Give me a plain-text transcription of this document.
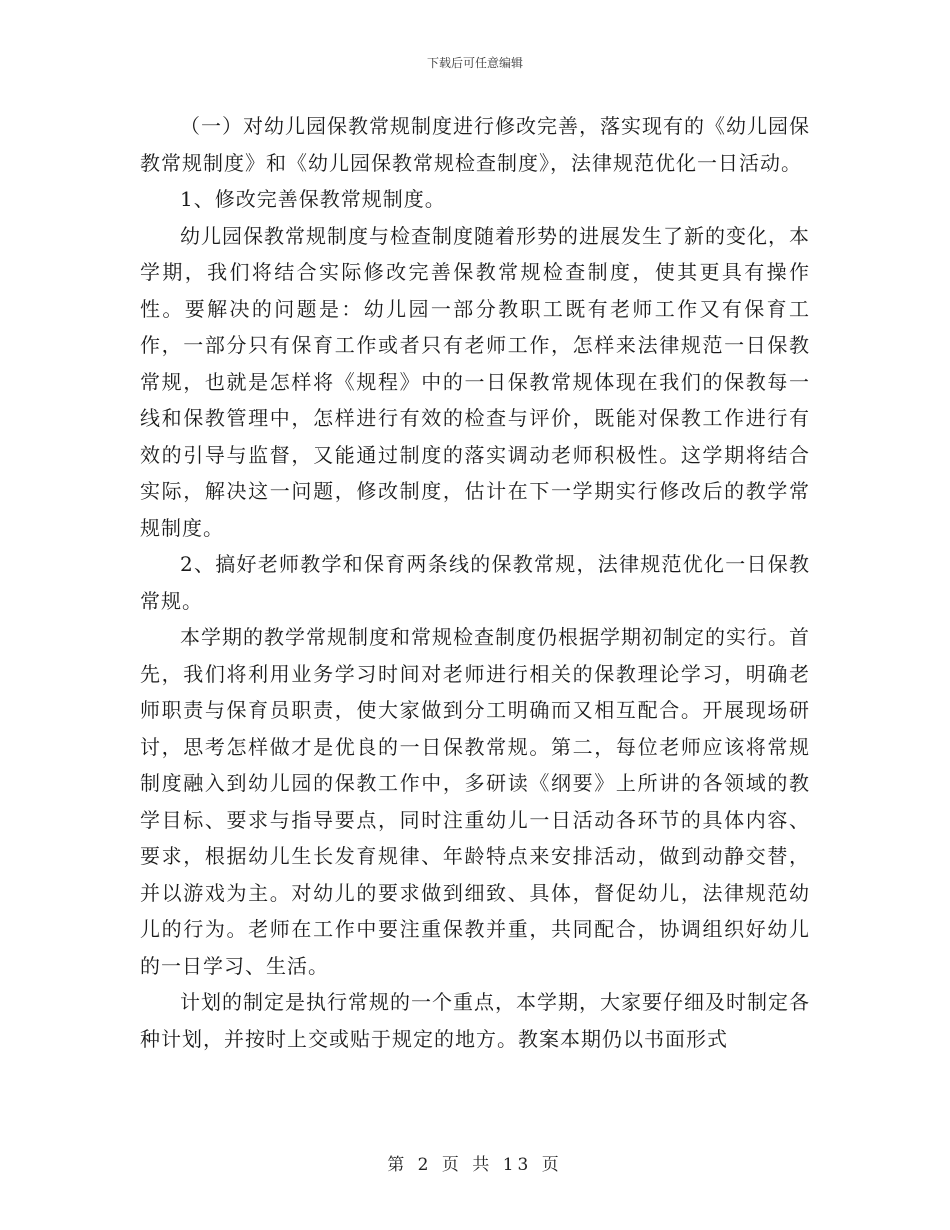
下载后可任意编辑

（一）对幼儿园保教常规制度进行修改完善，落实现有的《幼儿园保教常规制度》和《幼儿园保教常规检查制度》，法律规范优化一日活动。

1、修改完善保教常规制度。

幼儿园保教常规制度与检查制度随着形势的进展发生了新的变化，本学期，我们将结合实际修改完善保教常规检查制度，使其更具有操作性。要解决的问题是：幼儿园一部分教职工既有老师工作又有保育工作，一部分只有保育工作或者只有老师工作，怎样来法律规范一日保教常规，也就是怎样将《规程》中的一日保教常规体现在我们的保教每一线和保教管理中，怎样进行有效的检查与评价，既能对保教工作进行有效的引导与监督，又能通过制度的落实调动老师积极性。这学期将结合实际，解决这一问题，修改制度，估计在下一学期实行修改后的教学常规制度。

2、搞好老师教学和保育两条线的保教常规，法律规范优化一日保教常规。

本学期的教学常规制度和常规检查制度仍根据学期初制定的实行。首先，我们将利用业务学习时间对老师进行相关的保教理论学习，明确老师职责与保育员职责，使大家做到分工明确而又相互配合。开展现场研讨，思考怎样做才是优良的一日保教常规。第二，每位老师应该将常规制度融入到幼儿园的保教工作中，多研读《纲要》上所讲的各领域的教学目标、要求与指导要点，同时注重幼儿一日活动各环节的具体内容、要求，根据幼儿生长发育规律、年龄特点来安排活动，做到动静交替，并以游戏为主。对幼儿的要求做到细致、具体，督促幼儿，法律规范幼儿的行为。老师在工作中要注重保教并重，共同配合，协调组织好幼儿的一日学习、生活。

计划的制定是执行常规的一个重点，本学期，大家要仔细及时制定各种计划，并按时上交或贴于规定的地方。教案本期仍以书面形式

第 2 页 共 13 页
